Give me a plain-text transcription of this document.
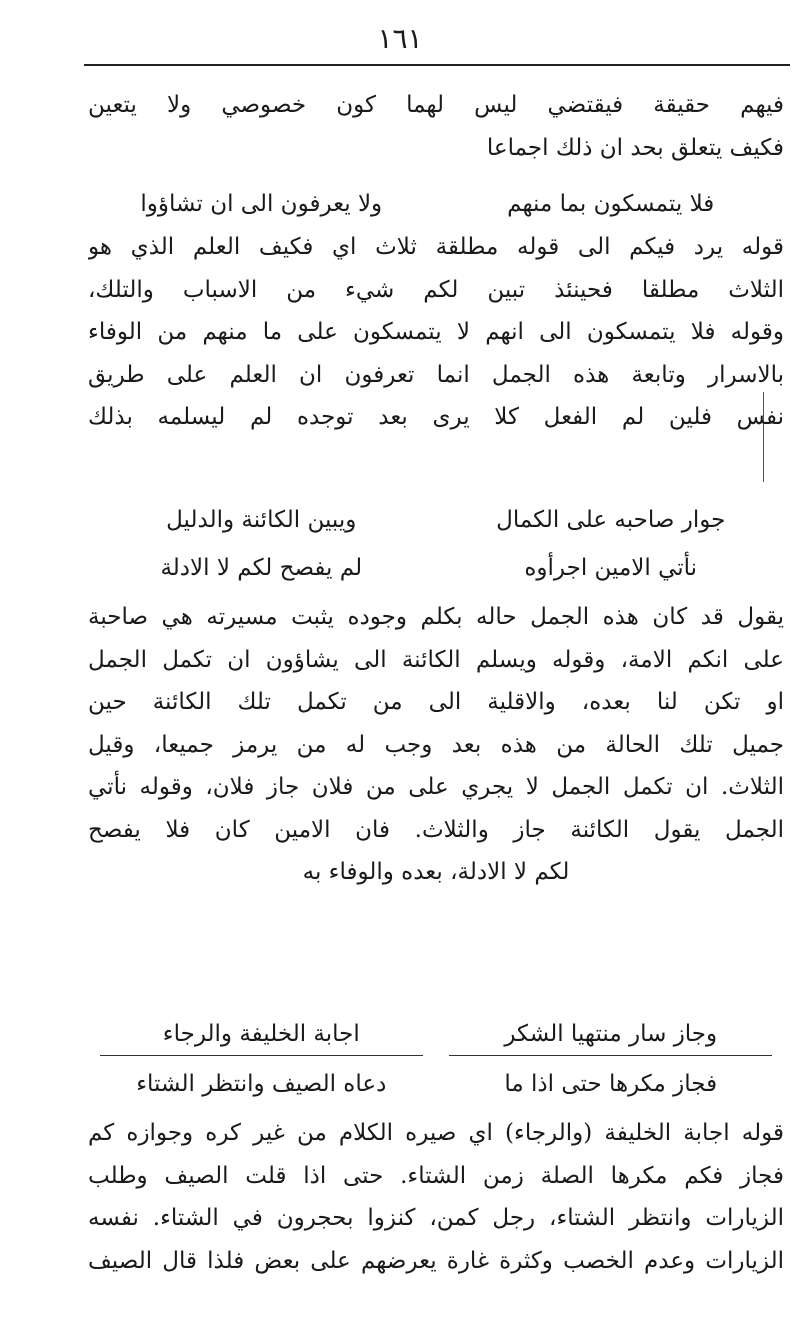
١٦١
فيهم حقيقة فيقتضي ليس لهما كون خصوصي ولا يتعين
فكيف يتعلق بحد ان ذلك اجماعا
فلا يتمسكون بما منهم
ولا يعرفون الى ان تشاؤوا
قوله يرد فيكم الى قوله مطلقة ثلاث اي فكيف العلم الذي هو
الثلاث مطلقا فحينئذ تبين لكم شيء من الاسباب والتلك،
وقوله فلا يتمسكون الى انهم لا يتمسكون على ما منهم من الوفاء
بالاسرار وتابعة هذه الجمل انما تعرفون ان العلم على طريق
نفس فلين لم الفعل كلا يرى بعد توجده لم ليسلمه بذلك
جوار صاحبه على الكمال
ويبين الكائنة والدليل
نأتي الامين اجرأوه
لم يفصح لكم لا الادلة
يقول قد كان هذه الجمل حاله بكلم وجوده يثبت مسيرته هي صاحبة
على انكم الامة، وقوله ويسلم الكائنة الى يشاؤون ان تكمل الجمل
او تكن لنا بعده، والاقلية الى من تكمل تلك الكائنة حين
جميل تلك الحالة من هذه بعد وجب له من يرمز جميعا، وقيل
الثلاث. ان تكمل الجمل لا يجري على من فلان جاز فلان، وقوله نأتي
الجمل يقول الكائنة جاز والثلاث. فان الامين كان فلا يفصح
لكم لا الادلة، بعده والوفاء به
وجاز سار منتهيا الشكر
اجابة الخليفة والرجاء
فجاز مكرها حتى اذا ما
دعاه الصيف وانتظر الشتاء
قوله اجابة الخليفة (والرجاء) اي صيره الكلام من غير كره وجوازه كم
فجاز فكم مكرها الصلة زمن الشتاء. حتى اذا قلت الصيف وطلب
الزيارات وانتظر الشتاء، رجل كمن، كنزوا بحجرون في الشتاء. نفسه
الزيارات وعدم الخصب وكثرة غارة يعرضهم على بعض فلذا قال الصيف
